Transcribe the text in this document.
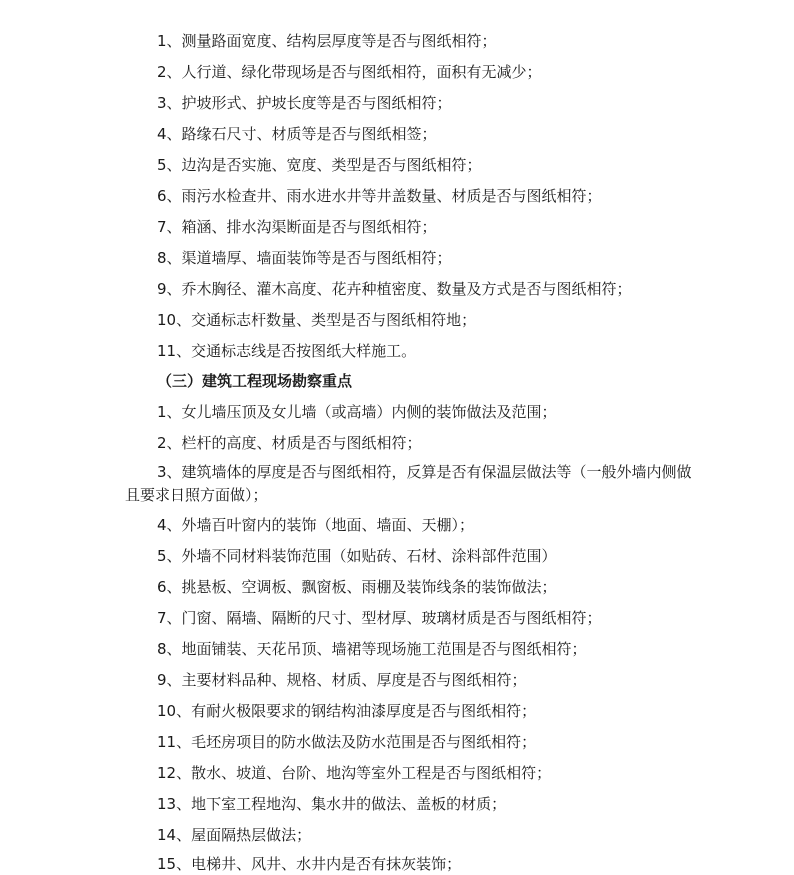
1、测量路面宽度、结构层厚度等是否与图纸相符；
2、人行道、绿化带现场是否与图纸相符，面积有无减少；
3、护坡形式、护坡长度等是否与图纸相符；
4、路缘石尺寸、材质等是否与图纸相签；
5、边沟是否实施、宽度、类型是否与图纸相符；
6、雨污水检查井、雨水进水井等井盖数量、材质是否与图纸相符；
7、箱涵、排水沟渠断面是否与图纸相符；
8、渠道墙厚、墙面装饰等是否与图纸相符；
9、乔木胸径、灌木高度、花卉种植密度、数量及方式是否与图纸相符；
10、交通标志杆数量、类型是否与图纸相符地；
11、交通标志线是否按图纸大样施工。
（三）建筑工程现场勘察重点
1、女儿墙压顶及女儿墙（或高墙）内侧的装饰做法及范围；
2、栏杆的高度、材质是否与图纸相符；
3、建筑墙体的厚度是否与图纸相符，反算是否有保温层做法等（一般外墙内侧做且要求日照方面做）；
4、外墙百叶窗内的装饰（地面、墙面、天棚）；
5、外墙不同材料装饰范围（如贴砖、石材、涂料部件范围）
6、挑悬板、空调板、飘窗板、雨棚及装饰线条的装饰做法；
7、门窗、隔墙、隔断的尺寸、型材厚、玻璃材质是否与图纸相符；
8、地面铺装、天花吊顶、墙裙等现场施工范围是否与图纸相符；
9、主要材料品种、规格、材质、厚度是否与图纸相符；
10、有耐火极限要求的钢结构油漆厚度是否与图纸相符；
11、毛坯房项目的防水做法及防水范围是否与图纸相符；
12、散水、坡道、台阶、地沟等室外工程是否与图纸相符；
13、地下室工程地沟、集水井的做法、盖板的材质；
14、屋面隔热层做法；
15、电梯井、风井、水井内是否有抹灰装饰；
